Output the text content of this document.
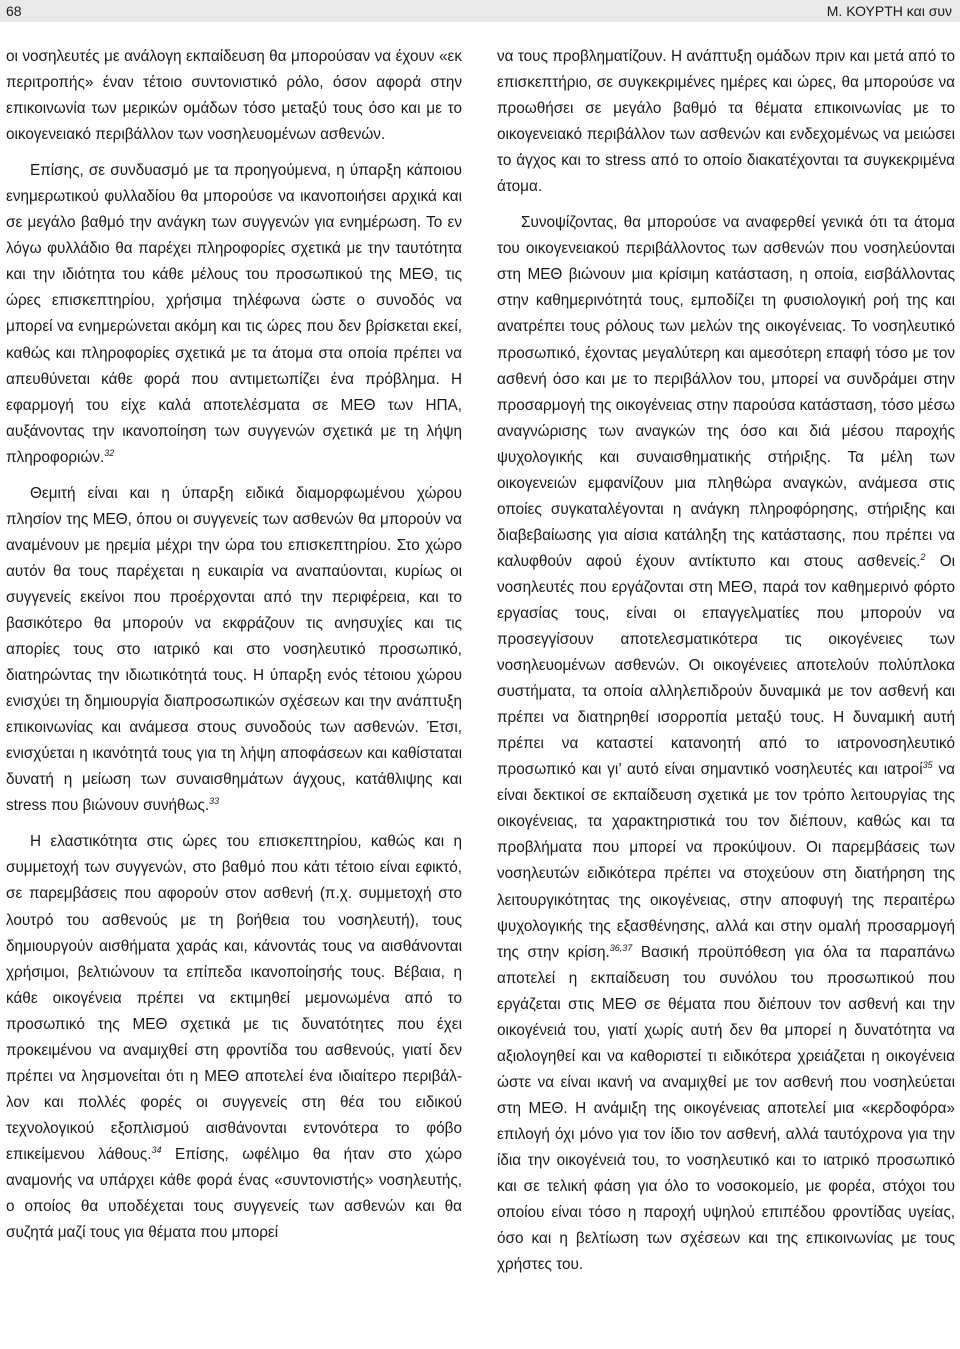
68	Μ. ΚΟΥΡΤΗ και συν

οι νοσηλευτές με ανάλογη εκπαίδευση θα μπορούσαν να έχουν «εκ περιτροπής» έναν τέτοιο συντονιστικό ρόλο, όσον αφορά στην επικοινωνία των μερικών ομάδων τόσο μεταξύ τους όσο και με το οικογενειακό περιβάλλον των νοσηλευομένων ασθενών.

Επίσης, σε συνδυασμό με τα προηγούμενα, η ύπαρξη κάποιου ενημερωτικού φυλλαδίου θα μπορούσε να ικανοποιήσει αρχικά και σε μεγάλο βαθμό την ανάγκη των συγγενών για ενημέρωση. Το εν λόγω φυλλάδιο θα παρέχει πληροφορίες σχετικά με την ταυτότητα και την ιδιότητα του κάθε μέλους του προσωπικού της ΜΕΘ, τις ώρες επισκεπτηρίου, χρήσιμα τηλέφωνα ώστε ο συνοδός να μπορεί να ενημερώνεται ακόμη και τις ώρες που δεν βρίσκεται εκεί, καθώς και πληροφορίες σχετικά με τα άτομα στα οποία πρέπει να απευθύνεται κάθε φορά που αντιμετωπίζει ένα πρόβλημα. Η εφαρμογή του είχε καλά αποτελέσματα σε ΜΕΘ των ΗΠΑ, αυξάνοντας την ικανοποίηση των συγγενών σχετικά με τη λήψη πληροφοριών.$^{32}$

Θεμιτή είναι και η ύπαρξη ειδικά διαμορφωμένου χώρου πλησίον της ΜΕΘ, όπου οι συγγενείς των ασθενών θα μπορούν να αναμένουν με ηρεμία μέχρι την ώρα του επισκεπτηρίου. Στο χώρο αυτόν θα τους παρέχεται η ευκαιρία να αναπαύονται, κυρίως οι συγγενείς εκείνοι που προέρχονται από την περιφέρεια, και το βασικότερο θα μπορούν να εκφράζουν τις ανησυχίες και τις απορίες τους στο ιατρικό και στο νοσηλευτικό προσωπικό, διατηρώντας την ιδιωτικότητά τους. Η ύπαρξη ενός τέτοιου χώρου ενισχύει τη δημιουργία διαπροσωπικών σχέσεων και την ανάπτυξη επικοινωνίας και ανάμεσα στους συνοδούς των ασθενών. Έτσι, ενισχύεται η ικανότητά τους για τη λήψη αποφάσεων και καθίσταται δυνατή η μείωση των συναισθημάτων άγχους, κατάθλιψης και stress που βιώνουν συνήθως.$^{33}$

Η ελαστικότητα στις ώρες του επισκεπτηρίου, καθώς και η συμμετοχή των συγγενών, στο βαθμό που κάτι τέτοιο είναι εφικτό, σε παρεμβάσεις που αφορούν στον ασθενή (π.χ. συμμετοχή στο λουτρό του ασθενούς με τη βοήθεια του νοσηλευτή), τους δημιουργούν αισθήματα χαράς και, κάνοντάς τους να αισθάνονται χρήσιμοι, βελτιώνουν τα επίπεδα ικανοποίησής τους. Βέβαια, η κάθε οικογένεια πρέπει να εκτιμηθεί μεμονωμένα από το προσωπικό της ΜΕΘ σχετικά με τις δυνατότητες που έχει προκειμένου να αναμιχθεί στη φροντίδα του ασθενούς, γιατί δεν πρέπει να λησμονείται ότι η ΜΕΘ αποτελεί ένα ιδιαίτερο περιβάλλον και πολλές φορές οι συγγενείς στη θέα του ειδικού τεχνολογικού εξοπλισμού αισθάνονται εντονότερα το φόβο επικείμενου λάθους.$^{34}$ Επίσης, ωφέλιμο θα ήταν στο χώρο αναμονής να υπάρχει κάθε φορά ένας «συντονιστής» νοσηλευτής, ο οποίος θα υποδέχεται τους συγγενείς των ασθενών και θα συζητά μαζί τους για θέματα που μπορεί

να τους προβληματίζουν. Η ανάπτυξη ομάδων πριν και μετά από το επισκεπτήριο, σε συγκεκριμένες ημέρες και ώρες, θα μπορούσε να προωθήσει σε μεγάλο βαθμό τα θέματα επικοινωνίας με το οικογενειακό περιβάλλον των ασθενών και ενδεχομένως να μειώσει το άγχος και το stress από το οποίο διακατέχονται τα συγκεκριμένα άτομα.

Συνοψίζοντας, θα μπορούσε να αναφερθεί γενικά ότι τα άτομα του οικογενειακού περιβάλλοντος των ασθενών που νοσηλεύονται στη ΜΕΘ βιώνουν μια κρίσιμη κατάσταση, η οποία, εισβάλλοντας στην καθημερινότητά τους, εμποδίζει τη φυσιολογική ροή της και ανατρέπει τους ρόλους των μελών της οικογένειας. Το νοσηλευτικό προσωπικό, έχοντας μεγαλύτερη και αμεσότερη επαφή τόσο με τον ασθενή όσο και με το περιβάλλον του, μπορεί να συνδράμει στην προσαρμογή της οικογένειας στην παρούσα κατάσταση, τόσο μέσω αναγνώρισης των αναγκών της όσο και διά μέσου παροχής ψυχολογικής και συναισθηματικής στήριξης. Τα μέλη των οικογενειών εμφανίζουν μια πληθώρα αναγκών, ανάμεσα στις οποίες συγκαταλέγονται η ανάγκη πληροφόρησης, στήριξης και διαβεβαίωσης για αίσια κατάληξη της κατάστασης, που πρέπει να καλυφθούν αφού έχουν αντίκτυπο και στους ασθενείς.$^2$ Οι νοσηλευτές που εργάζονται στη ΜΕΘ, παρά τον καθημερινό φόρτο εργασίας τους, είναι οι επαγγελματίες που μπορούν να προσεγγίσουν αποτελεσματικότερα τις οικογένειες των νοσηλευομένων ασθενών. Οι οικογένειες αποτελούν πολύπλοκα συστήματα, τα οποία αλληλεπιδρούν δυναμικά με τον ασθενή και πρέπει να διατηρηθεί ισορροπία μεταξύ τους. Η δυναμική αυτή πρέπει να καταστεί κατανοητή από το ιατρονοσηλευτικό προσωπικό και γι’ αυτό είναι σημαντικό νοσηλευτές και ιατροί$^{35}$ να είναι δεκτικοί σε εκπαίδευση σχετικά με τον τρόπο λειτουργίας της οικογένειας, τα χαρακτηριστικά του τον διέπουν, καθώς και τα προβλήματα που μπορεί να προκύψουν. Οι παρεμβάσεις των νοσηλευτών ειδικότερα πρέπει να στοχεύουν στη διατήρηση της λειτουργικότητας της οικογένειας, στην αποφυγή της περαιτέρω ψυχολογικής της εξασθένησης, αλλά και στην ομαλή προσαρμογή της στην κρίση.$^{36,37}$ Βασική προϋπόθεση για όλα τα παραπάνω αποτελεί η εκπαίδευση του συνόλου του προσωπικού που εργάζεται στις ΜΕΘ σε θέματα που διέπουν τον ασθενή και την οικογένειά του, γιατί χωρίς αυτή δεν θα μπορεί η δυνατότητα να αξιολογηθεί και να καθοριστεί τι ειδικότερα χρειάζεται η οικογένεια ώστε να είναι ικανή να αναμιχθεί με τον ασθενή που νοσηλεύεται στη ΜΕΘ. Η ανάμιξη της οικογένειας αποτελεί μια «κερδοφόρα» επιλογή όχι μόνο για τον ίδιο τον ασθενή, αλλά ταυτόχρονα για την ίδια την οικογένειά του, το νοσηλευτικό και το ιατρικό προσωπικό και σε τελική φάση για όλο το νοσοκομείο, με φορέα, στόχοι του οποίου είναι τόσο η παροχή υψηλού επιπέδου φροντίδας υγείας, όσο και η βελτίωση των σχέσεων και της επικοινωνίας με τους χρήστες του.
